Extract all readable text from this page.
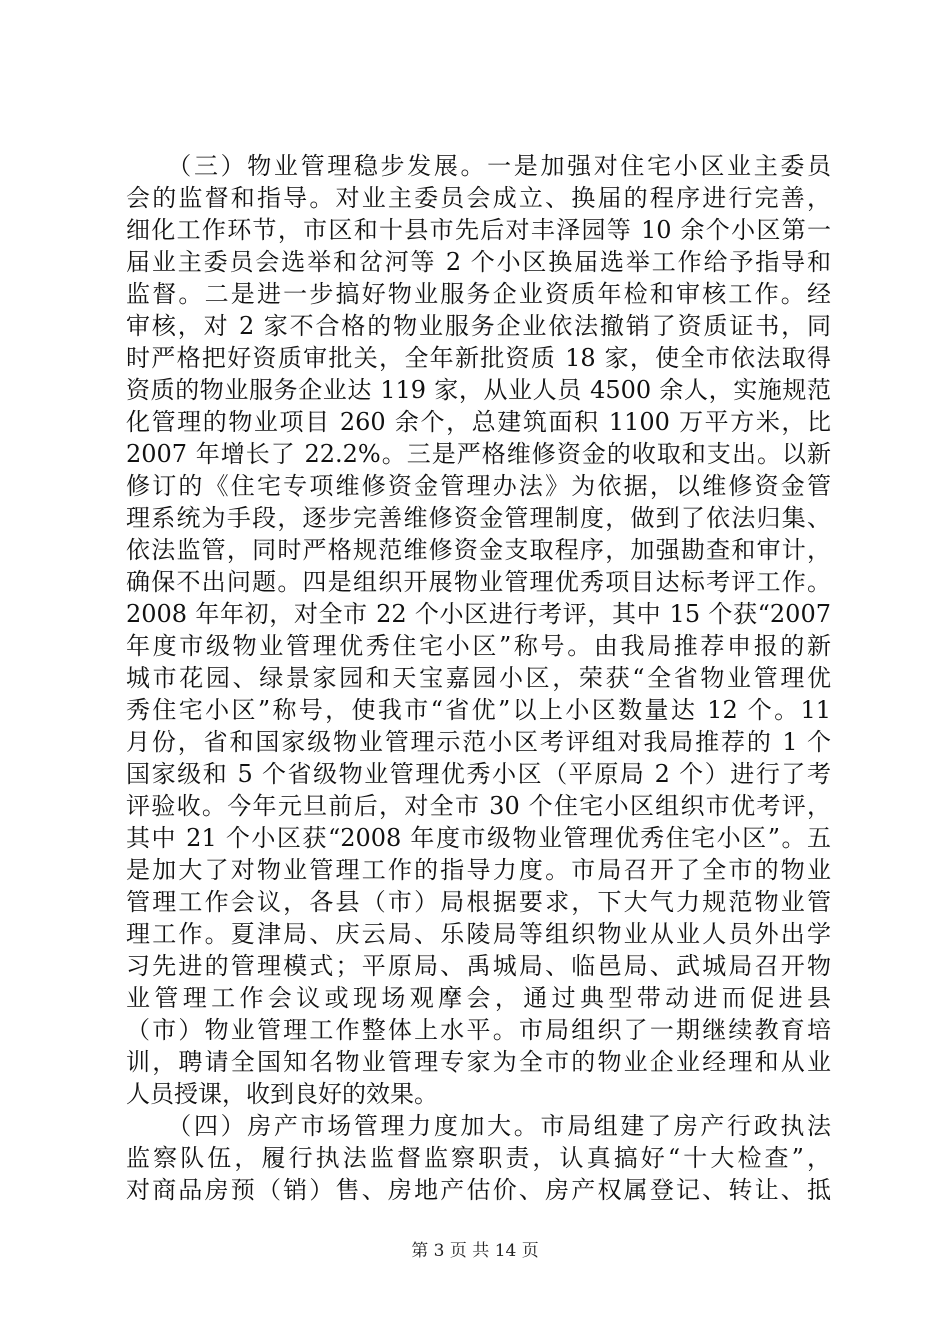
　　（三）物业管理稳步发展。一是加强对住宅小区业主委员
会的监督和指导。对业主委员会成立、换届的程序进行完善，
细化工作环节，市区和十县市先后对丰泽园等 10 余个小区第一
届业主委员会选举和岔河等 2 个小区换届选举工作给予指导和
监督。二是进一步搞好物业服务企业资质年检和审核工作。经
审核，对 2 家不合格的物业服务企业依法撤销了资质证书，同
时严格把好资质审批关，全年新批资质 18 家，使全市依法取得
资质的物业服务企业达 119 家，从业人员 4500 余人，实施规范
化管理的物业项目 260 余个，总建筑面积 1100 万平方米，比
2007 年增长了 22.2%。三是严格维修资金的收取和支出。以新
修订的《住宅专项维修资金管理办法》为依据，以维修资金管
理系统为手段，逐步完善维修资金管理制度，做到了依法归集、
依法监管，同时严格规范维修资金支取程序，加强勘查和审计，
确保不出问题。四是组织开展物业管理优秀项目达标考评工作。
2008 年年初，对全市 22 个小区进行考评，其中 15 个获“2007
年度市级物业管理优秀住宅小区”称号。由我局推荐申报的新
城市花园、绿景家园和天宝嘉园小区，荣获“全省物业管理优
秀住宅小区”称号，使我市“省优”以上小区数量达 12 个。11
月份，省和国家级物业管理示范小区考评组对我局推荐的 1 个
国家级和 5 个省级物业管理优秀小区（平原局 2 个）进行了考
评验收。今年元旦前后，对全市 30 个住宅小区组织市优考评，
其中 21 个小区获“2008 年度市级物业管理优秀住宅小区”。五
是加大了对物业管理工作的指导力度。市局召开了全市的物业
管理工作会议，各县（市）局根据要求，下大气力规范物业管
理工作。夏津局、庆云局、乐陵局等组织物业从业人员外出学
习先进的管理模式；平原局、禹城局、临邑局、武城局召开物
业管理工作会议或现场观摩会，通过典型带动进而促进县
（市）物业管理工作整体上水平。市局组织了一期继续教育培
训，聘请全国知名物业管理专家为全市的物业企业经理和从业
人员授课，收到良好的效果。
　　（四）房产市场管理力度加大。市局组建了房产行政执法
监察队伍，履行执法监督监察职责，认真搞好“十大检查”，
对商品房预（销）售、房地产估价、房产权属登记、转让、抵
第 3 页 共 14 页
